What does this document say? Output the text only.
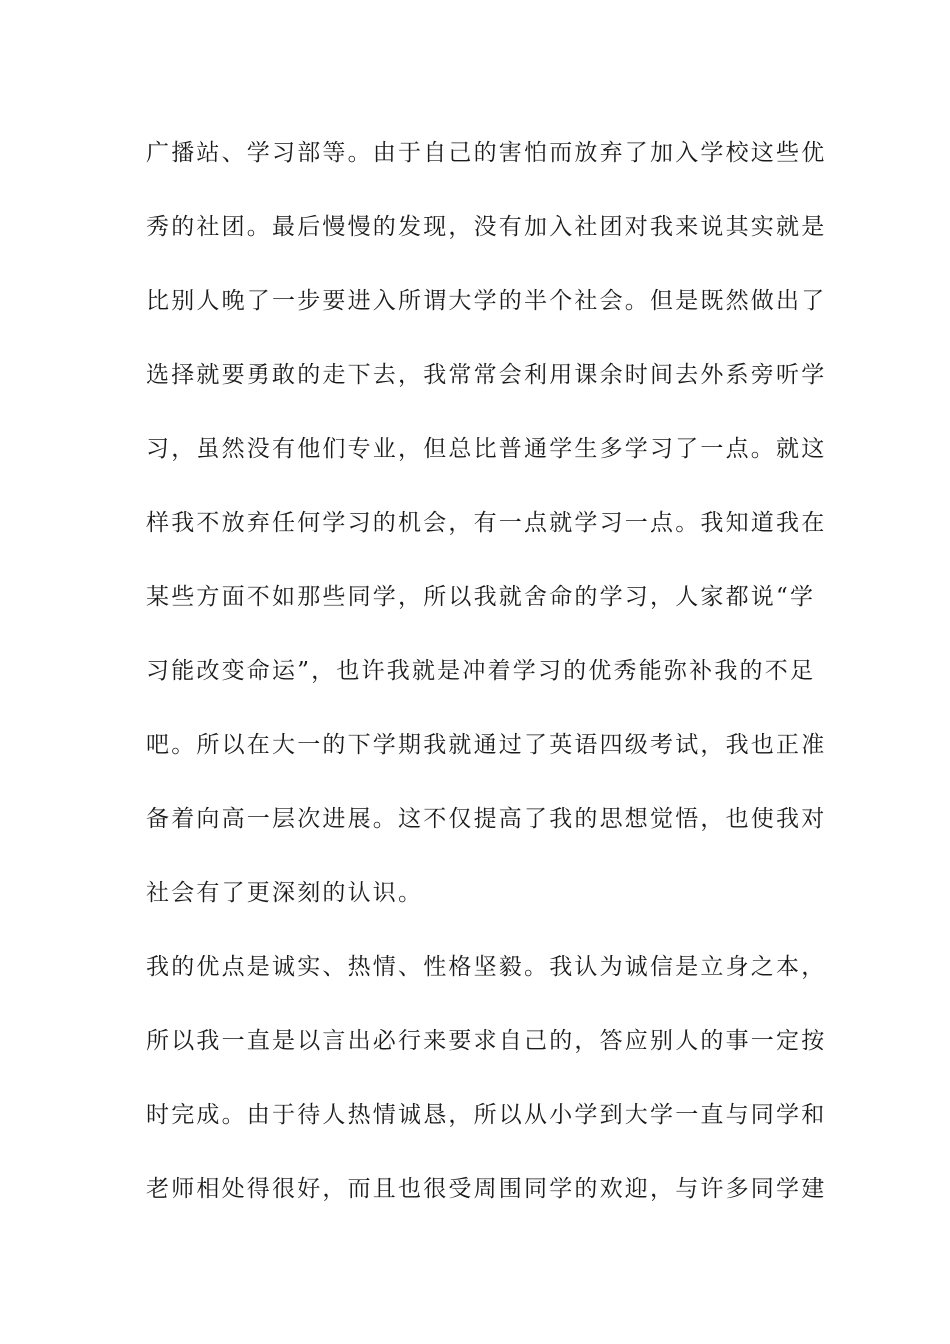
广播站、学习部等。由于自己的害怕而放弃了加入学校这些优

秀的社团。最后慢慢的发现，没有加入社团对我来说其实就是

比别人晚了一步要进入所谓大学的半个社会。但是既然做出了

选择就要勇敢的走下去，我常常会利用课余时间去外系旁听学

习，虽然没有他们专业，但总比普通学生多学习了一点。就这

样我不放弃任何学习的机会，有一点就学习一点。我知道我在

某些方面不如那些同学，所以我就舍命的学习，人家都说“学

习能改变命运”，也许我就是冲着学习的优秀能弥补我的不足

吧。所以在大一的下学期我就通过了英语四级考试，我也正准

备着向高一层次进展。这不仅提高了我的思想觉悟，也使我对

社会有了更深刻的认识。

我的优点是诚实、热情、性格坚毅。我认为诚信是立身之本，

所以我一直是以言出必行来要求自己的，答应别人的事一定按

时完成。由于待人热情诚恳，所以从小学到大学一直与同学和

老师相处得很好，而且也很受周围同学的欢迎，与许多同学建
